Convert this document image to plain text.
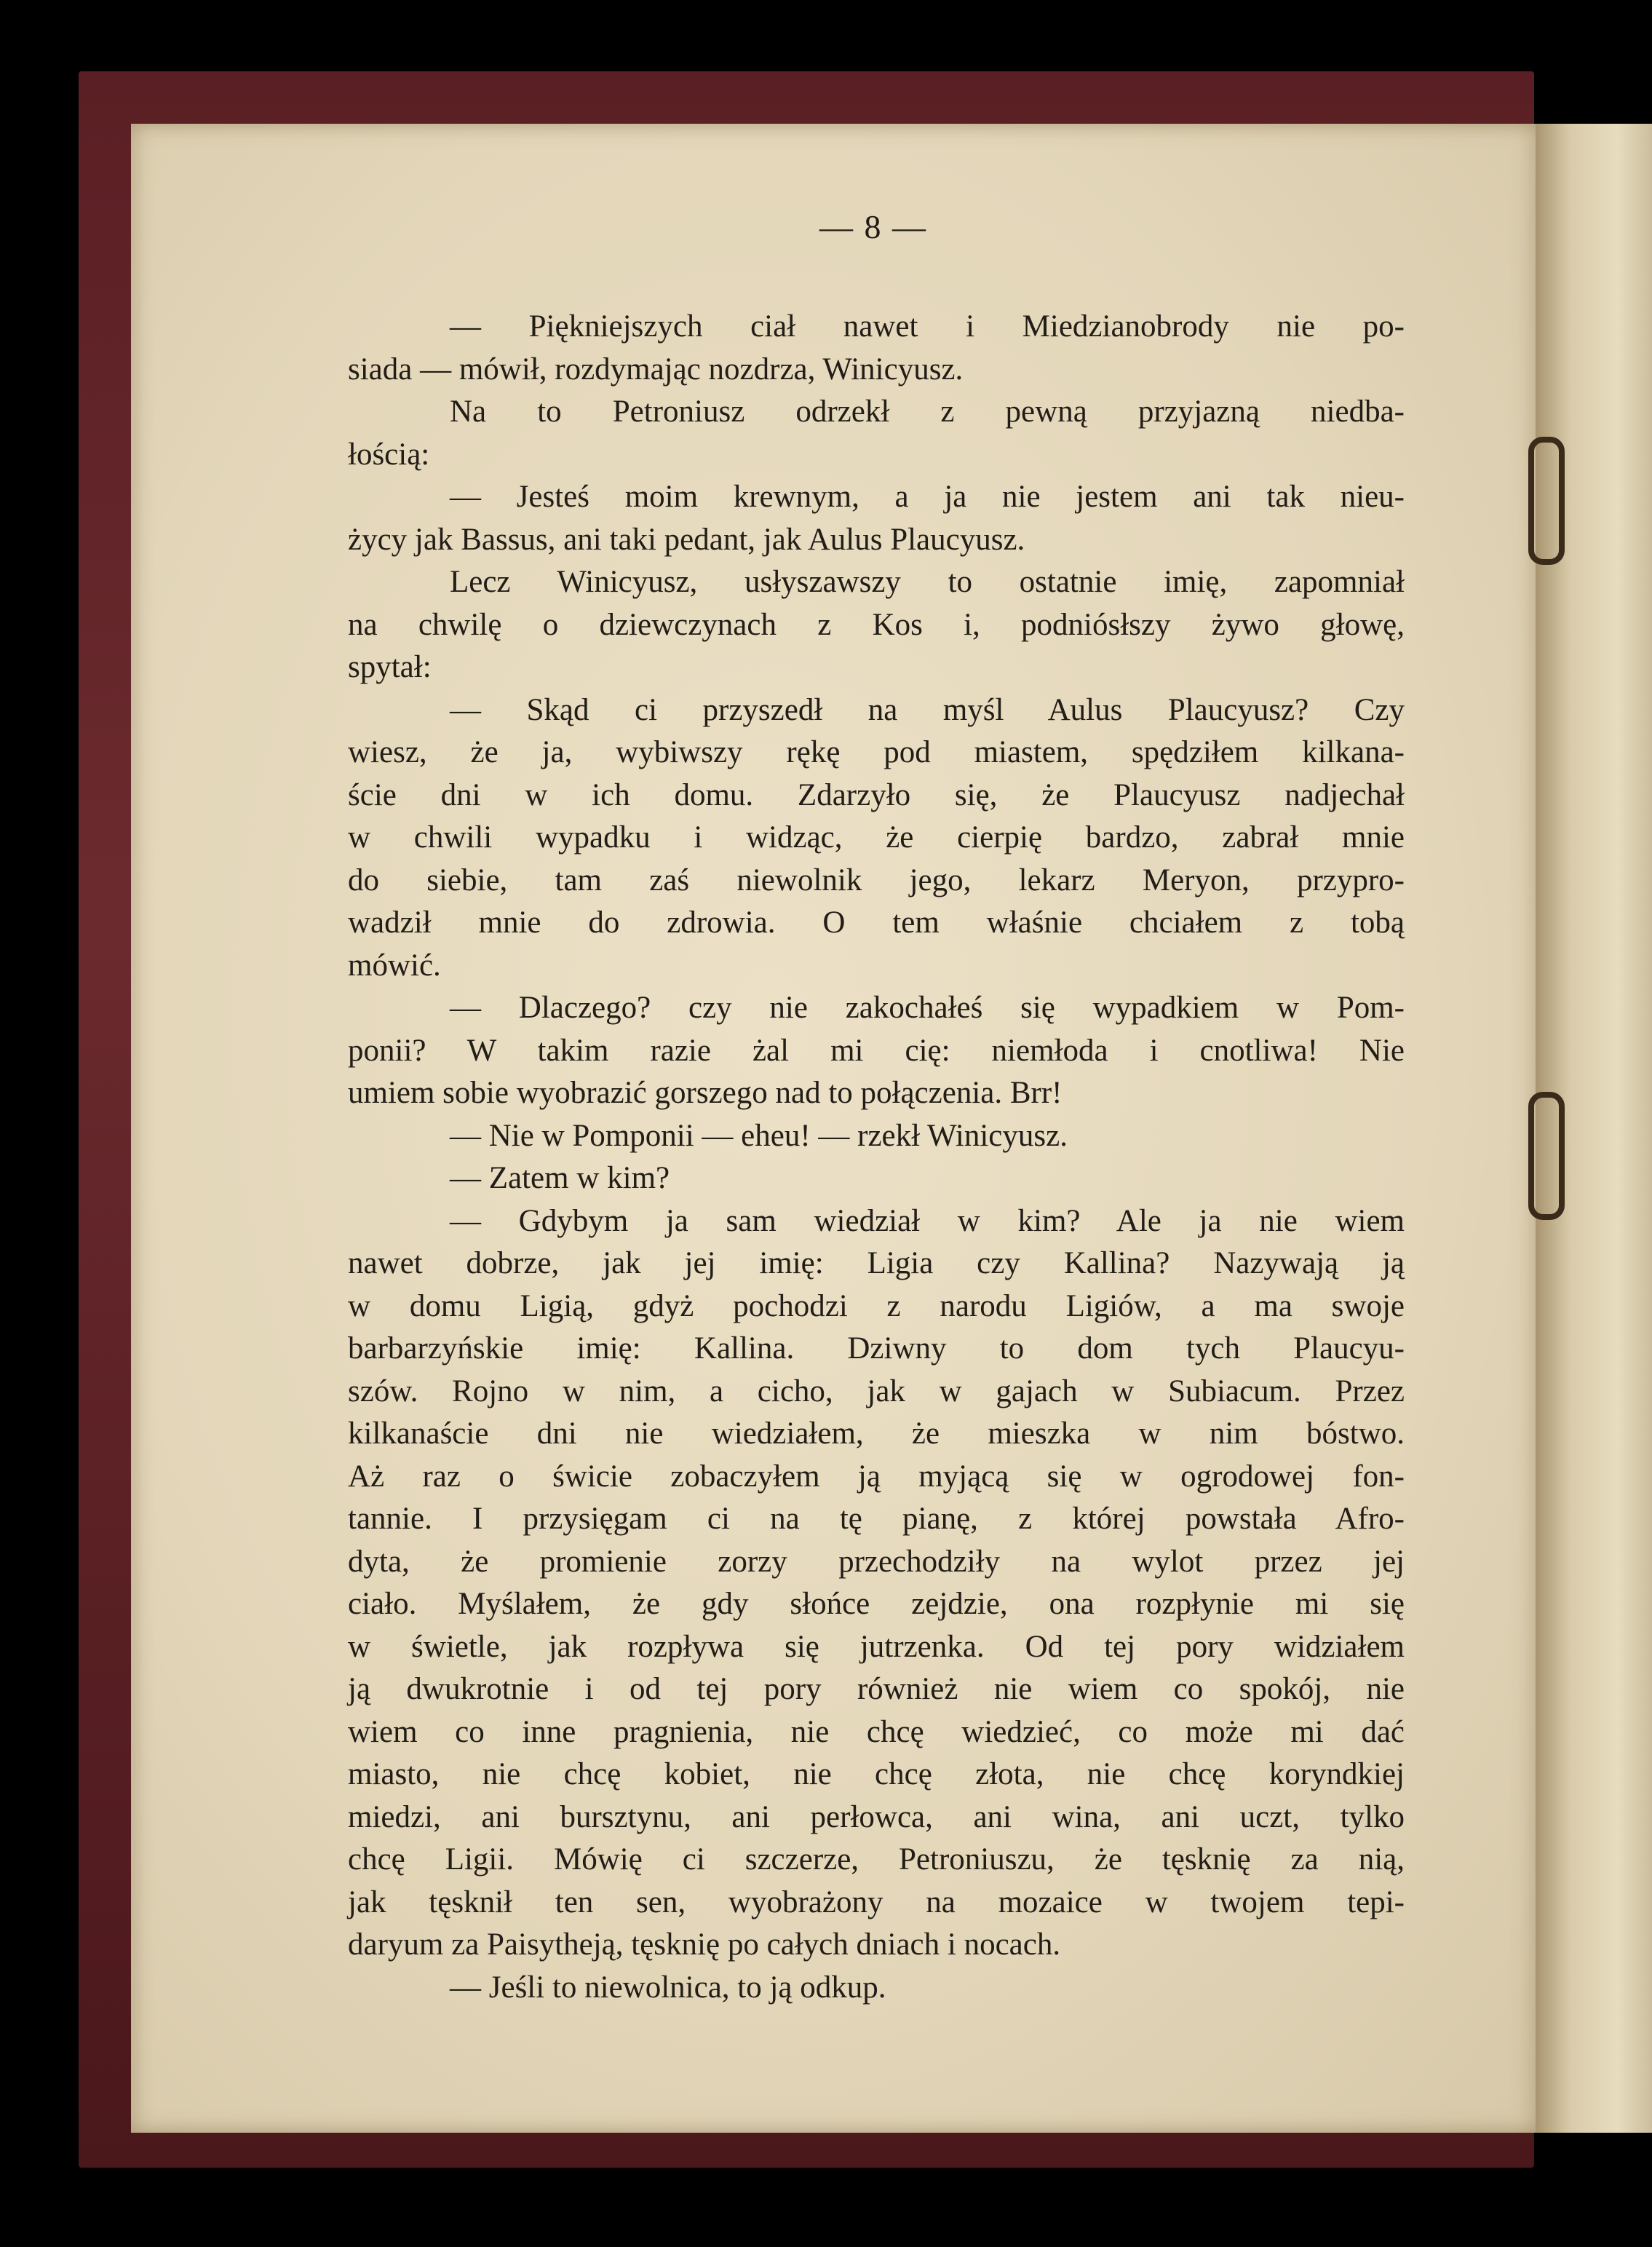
— 8 —
— Piękniejszych ciał nawet i Miedzianobrody nie po-
siada — mówił, rozdymając nozdrza, Winicyusz.
Na to Petroniusz odrzekł z pewną przyjazną niedba-
łością:
— Jesteś moim krewnym, a ja nie jestem ani tak nieu-
życy jak Bassus, ani taki pedant, jak Aulus Plaucyusz.
Lecz Winicyusz, usłyszawszy to ostatnie imię, zapomniał
na chwilę o dziewczynach z Kos i, podniósłszy żywo głowę,
spytał:
— Skąd ci przyszedł na myśl Aulus Plaucyusz? Czy
wiesz, że ja, wybiwszy rękę pod miastem, spędziłem kilkana-
ście dni w ich domu. Zdarzyło się, że Plaucyusz nadjechał
w chwili wypadku i widząc, że cierpię bardzo, zabrał mnie
do siebie, tam zaś niewolnik jego, lekarz Meryon, przypro-
wadził mnie do zdrowia. O tem właśnie chciałem z tobą
mówić.
— Dlaczego? czy nie zakochałeś się wypadkiem w Pom-
ponii? W takim razie żal mi cię: niemłoda i cnotliwa! Nie
umiem sobie wyobrazić gorszego nad to połączenia. Brr!
— Nie w Pomponii — eheu! — rzekł Winicyusz.
— Zatem w kim?
— Gdybym ja sam wiedział w kim? Ale ja nie wiem
nawet dobrze, jak jej imię: Ligia czy Kallina? Nazywają ją
w domu Ligią, gdyż pochodzi z narodu Ligiów, a ma swoje
barbarzyńskie imię: Kallina. Dziwny to dom tych Plaucyu-
szów. Rojno w nim, a cicho, jak w gajach w Subiacum. Przez
kilkanaście dni nie wiedziałem, że mieszka w nim bóstwo.
Aż raz o świcie zobaczyłem ją myjącą się w ogrodowej fon-
tannie. I przysięgam ci na tę pianę, z której powstała Afro-
dyta, że promienie zorzy przechodziły na wylot przez jej
ciało. Myślałem, że gdy słońce zejdzie, ona rozpłynie mi się
w świetle, jak rozpływa się jutrzenka. Od tej pory widziałem
ją dwukrotnie i od tej pory również nie wiem co spokój, nie
wiem co inne pragnienia, nie chcę wiedzieć, co może mi dać
miasto, nie chcę kobiet, nie chcę złota, nie chcę koryndkiej
miedzi, ani bursztynu, ani perłowca, ani wina, ani uczt, tylko
chcę Ligii. Mówię ci szczerze, Petroniuszu, że tęsknię za nią,
jak tęsknił ten sen, wyobrażony na mozaice w twojem tepi-
daryum za Paisytheją, tęsknię po całych dniach i nocach.
— Jeśli to niewolnica, to ją odkup.
